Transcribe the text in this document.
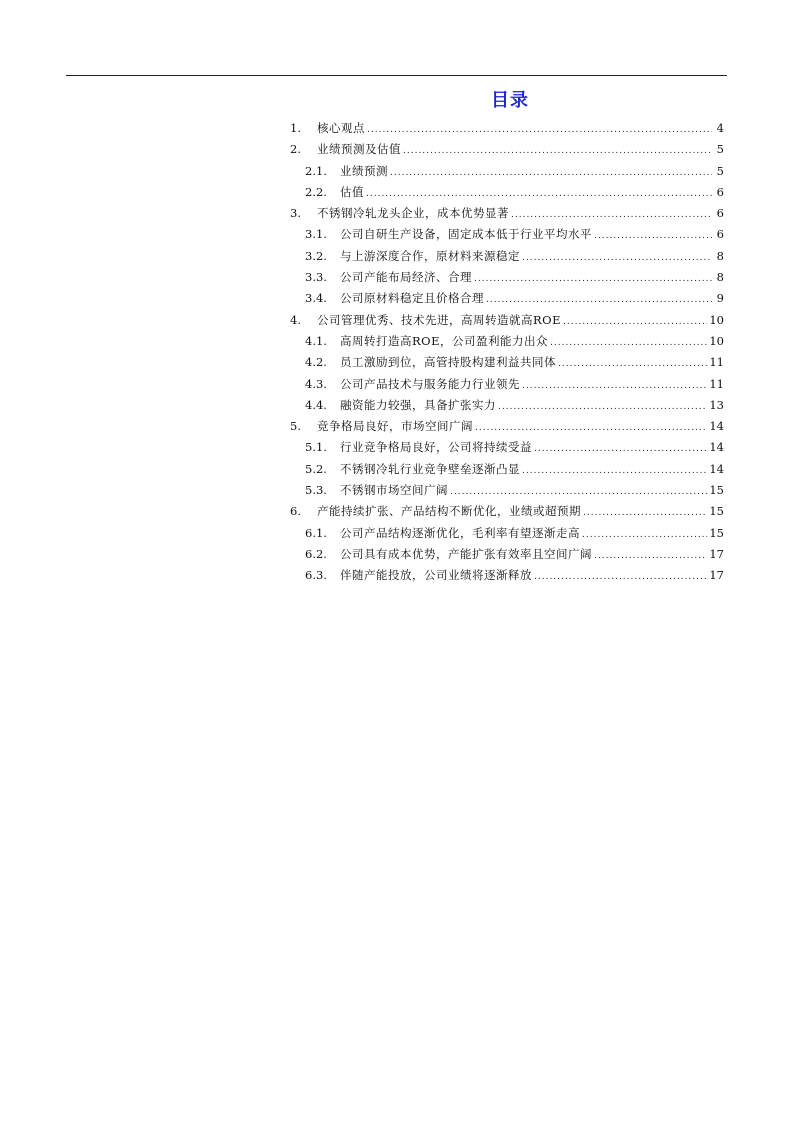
目录
1.	核心观点 .....	4
2.	业绩预测及估值 .....	5
2.1.	业绩预测 .....	5
2.2.	估值 .....	6
3.	不锈钢冷轧龙头企业，成本优势显著 .....	6
3.1.	公司自研生产设备，固定成本低于行业平均水平 .....	6
3.2.	与上游深度合作，原材料来源稳定 .....	8
3.3.	公司产能布局经济、合理 .....	8
3.4.	公司原材料稳定且价格合理 .....	9
4.	公司管理优秀、技术先进，高周转造就高ROE .....	10
4.1.	高周转打造高ROE，公司盈利能力出众 .....	10
4.2.	员工激励到位，高管持股构建利益共同体 .....	11
4.3.	公司产品技术与服务能力行业领先 .....	11
4.4.	融资能力较强，具备扩张实力 .....	13
5.	竞争格局良好，市场空间广阔 .....	14
5.1.	行业竞争格局良好，公司将持续受益 .....	14
5.2.	不锈钢冷轧行业竞争壁垒逐渐凸显 .....	14
5.3.	不锈钢市场空间广阔 .....	15
6.	产能持续扩张、产品结构不断优化，业绩或超预期 .....	15
6.1.	公司产品结构逐渐优化，毛利率有望逐渐走高 .....	15
6.2.	公司具有成本优势，产能扩张有效率且空间广阔 .....	17
6.3.	伴随产能投放，公司业绩将逐渐释放 .....	17
